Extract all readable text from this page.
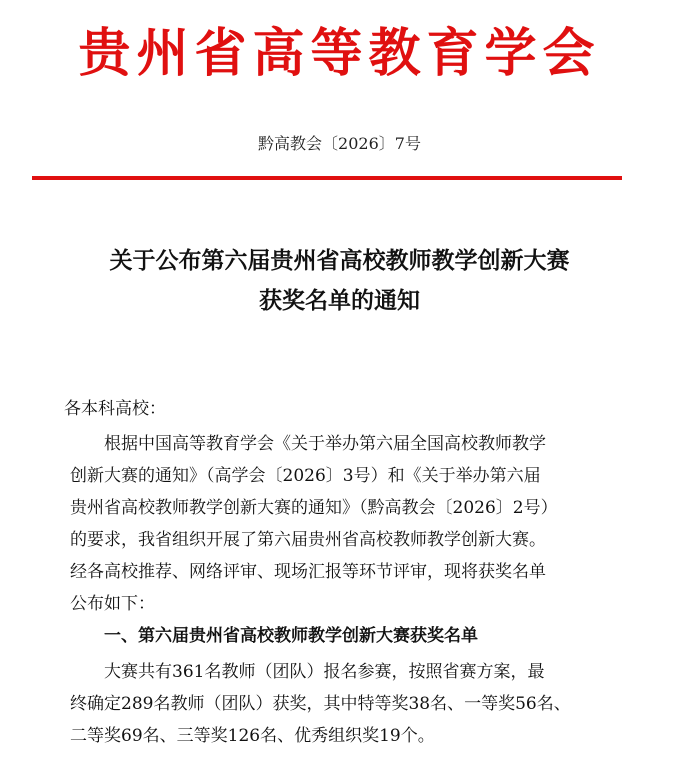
贵州省高等教育学会
黔高教会〔2026〕7号
关于公布第六届贵州省高校教师教学创新大赛
获奖名单的通知
各本科高校：
根据中国高等教育学会《关于举办第六届全国高校教师教学
创新大赛的通知》（高学会〔2026〕3号）和《关于举办第六届
贵州省高校教师教学创新大赛的通知》（黔高教会〔2026〕2号）
的要求，我省组织开展了第六届贵州省高校教师教学创新大赛。
经各高校推荐、网络评审、现场汇报等环节评审，现将获奖名单
公布如下：
一、第六届贵州省高校教师教学创新大赛获奖名单
大赛共有361名教师（团队）报名参赛，按照省赛方案，最
终确定289名教师（团队）获奖，其中特等奖38名、一等奖56名、
二等奖69名、三等奖126名、优秀组织奖19个。
